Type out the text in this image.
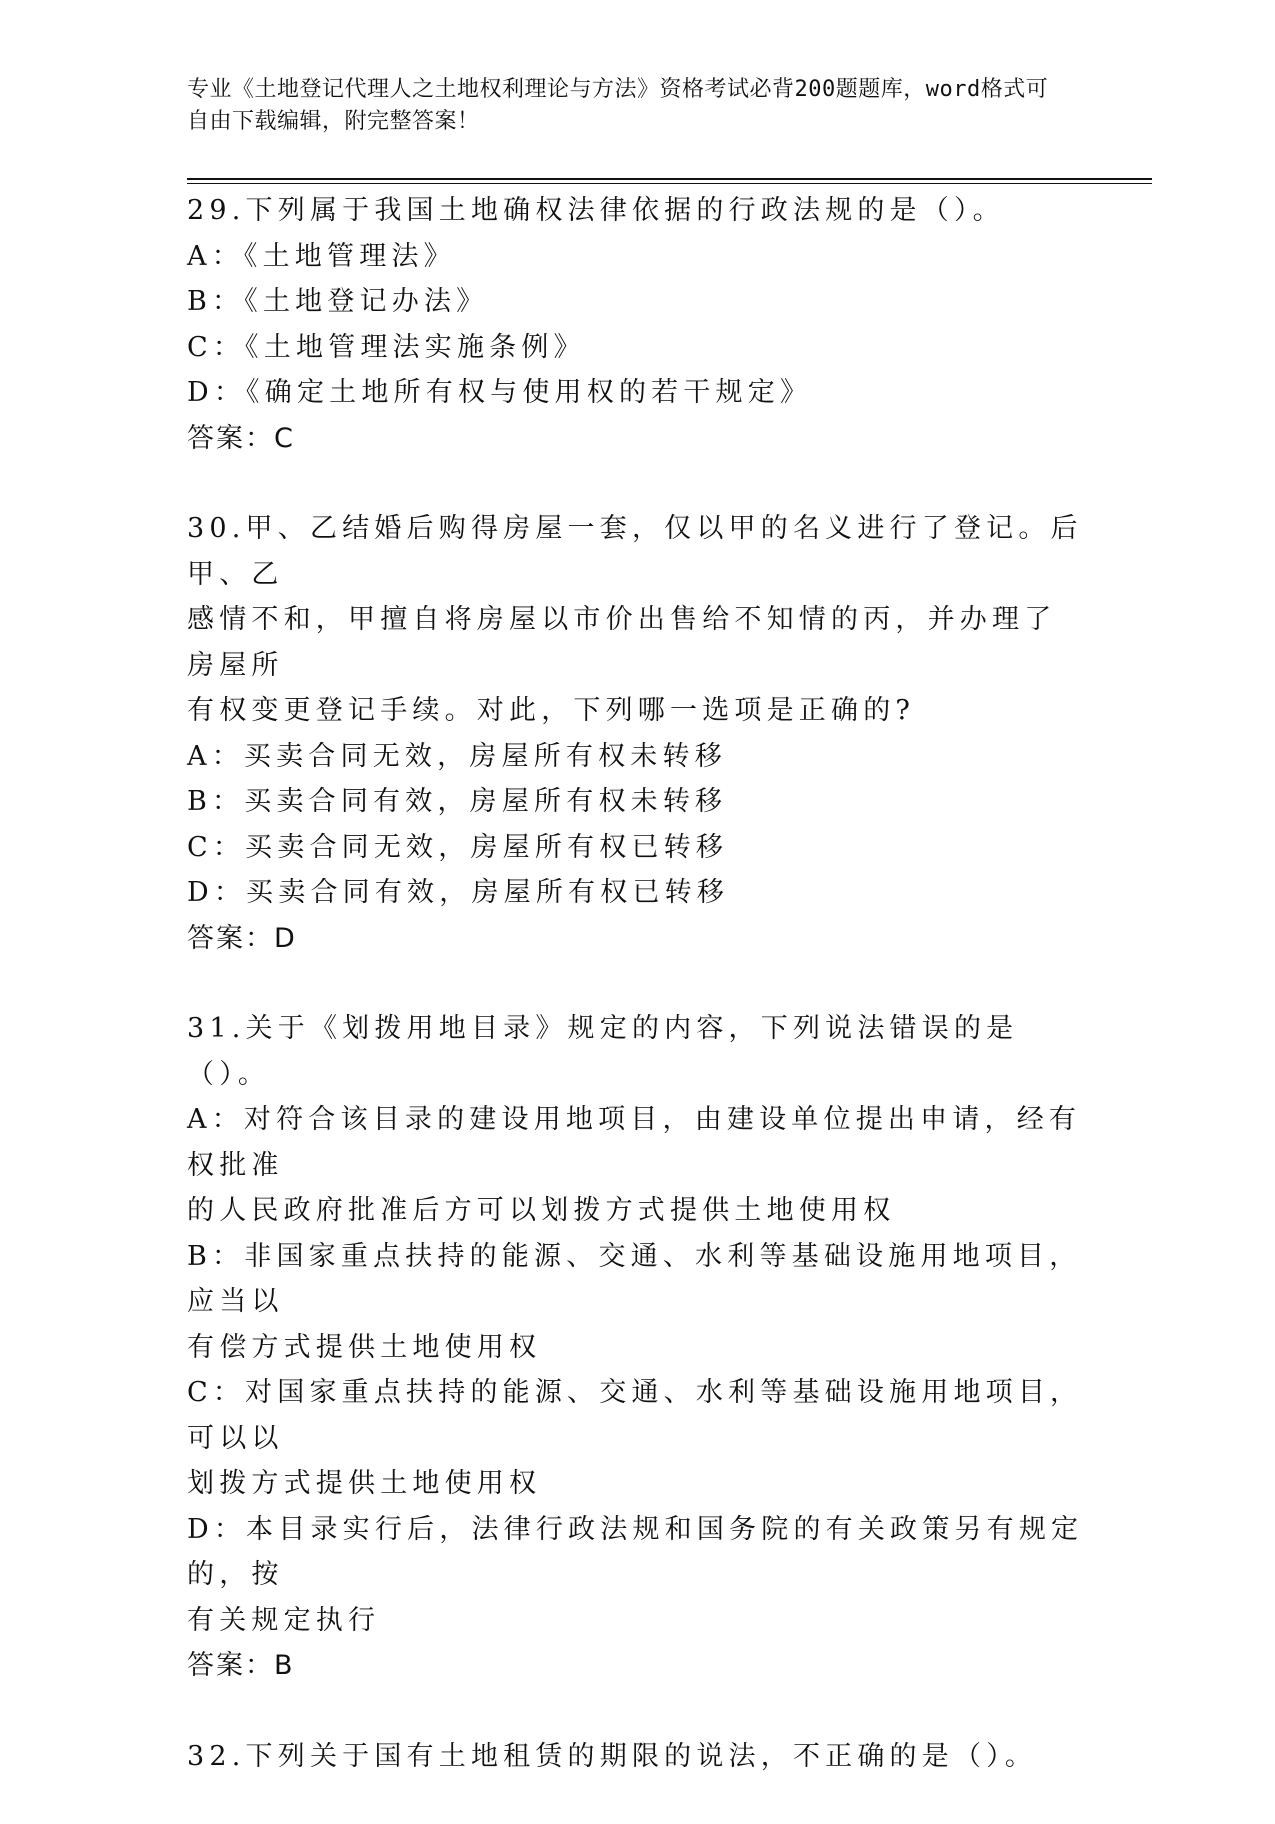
专业《土地登记代理人之土地权利理论与方法》资格考试必背200题题库，word格式可自由下载编辑，附完整答案！
29.下列属于我国土地确权法律依据的行政法规的是（）。
A：《土地管理法》
B：《土地登记办法》
C：《土地管理法实施条例》
D：《确定土地所有权与使用权的若干规定》
答案：C
30.甲、乙结婚后购得房屋一套，仅以甲的名义进行了登记。后甲、乙
感情不和，甲擅自将房屋以市价出售给不知情的丙，并办理了房屋所
有权变更登记手续。对此，下列哪一选项是正确的?
A：买卖合同无效，房屋所有权未转移
B：买卖合同有效，房屋所有权未转移
C：买卖合同无效，房屋所有权已转移
D：买卖合同有效，房屋所有权已转移
答案：D
31.关于《划拨用地目录》规定的内容，下列说法错误的是（）。
A：对符合该目录的建设用地项目，由建设单位提出申请，经有权批准
的人民政府批准后方可以划拨方式提供土地使用权
B：非国家重点扶持的能源、交通、水利等基础设施用地项目，应当以
有偿方式提供土地使用权
C：对国家重点扶持的能源、交通、水利等基础设施用地项目，可以以
划拨方式提供土地使用权
D：本目录实行后，法律行政法规和国务院的有关政策另有规定的，按
有关规定执行
答案：B
32.下列关于国有土地租赁的期限的说法，不正确的是（）。
